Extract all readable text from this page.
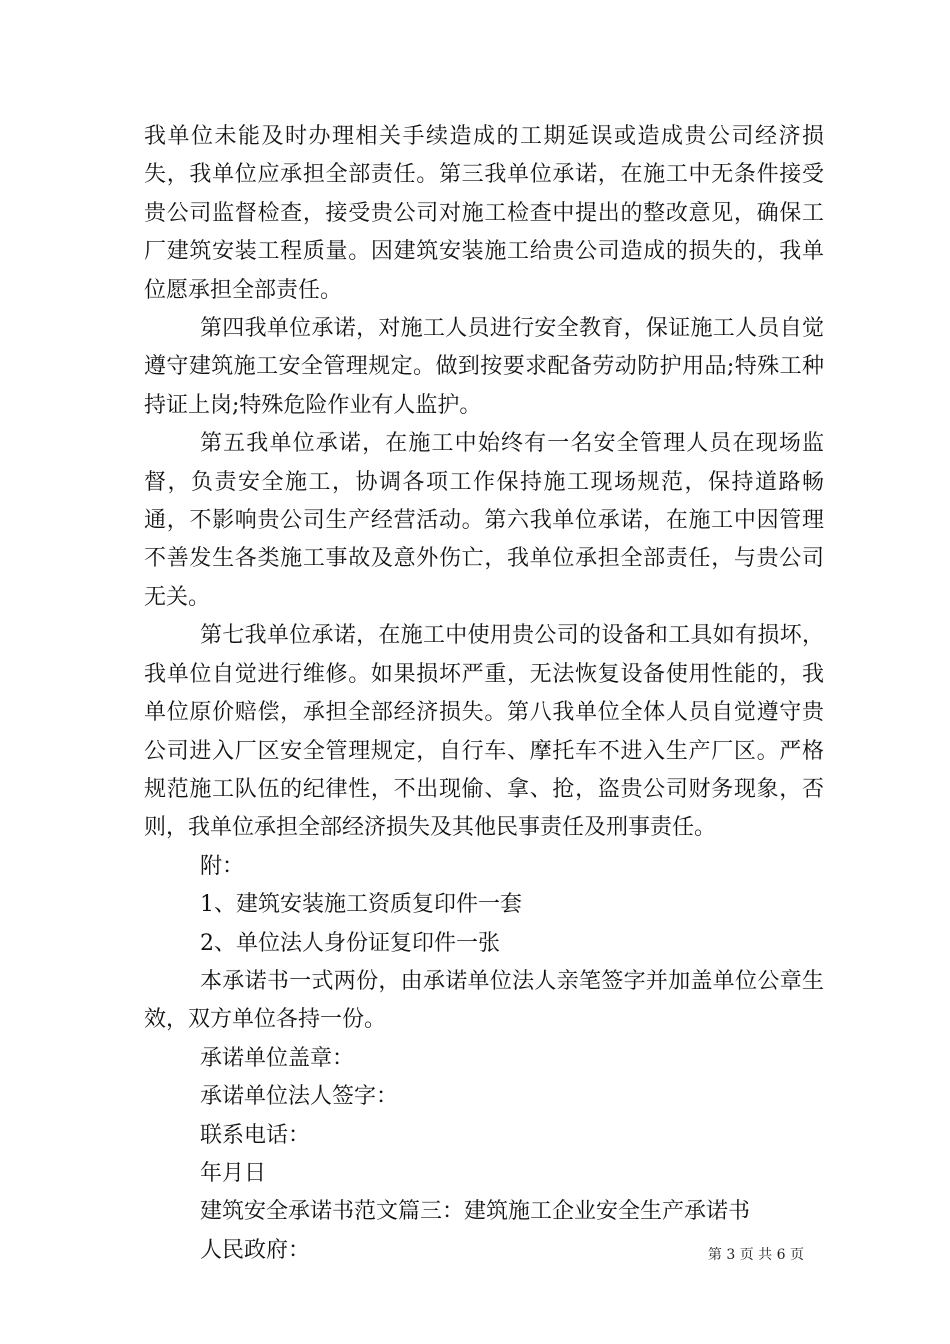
我单位未能及时办理相关手续造成的工期延误或造成贵公司经济损失，我单位应承担全部责任。第三我单位承诺，在施工中无条件接受贵公司监督检查，接受贵公司对施工检查中提出的整改意见，确保工厂建筑安装工程质量。因建筑安装施工给贵公司造成的损失的，我单位愿承担全部责任。

第四我单位承诺，对施工人员进行安全教育，保证施工人员自觉遵守建筑施工安全管理规定。做到按要求配备劳动防护用品;特殊工种持证上岗;特殊危险作业有人监护。

第五我单位承诺，在施工中始终有一名安全管理人员在现场监督，负责安全施工，协调各项工作保持施工现场规范，保持道路畅通，不影响贵公司生产经营活动。第六我单位承诺，在施工中因管理不善发生各类施工事故及意外伤亡，我单位承担全部责任，与贵公司无关。

第七我单位承诺，在施工中使用贵公司的设备和工具如有损坏，我单位自觉进行维修。如果损坏严重，无法恢复设备使用性能的，我单位原价赔偿，承担全部经济损失。第八我单位全体人员自觉遵守贵公司进入厂区安全管理规定，自行车、摩托车不进入生产厂区。严格规范施工队伍的纪律性，不出现偷、拿、抢，盗贵公司财务现象，否则，我单位承担全部经济损失及其他民事责任及刑事责任。

附：

1、建筑安装施工资质复印件一套

2、单位法人身份证复印件一张

本承诺书一式两份，由承诺单位法人亲笔签字并加盖单位公章生效，双方单位各持一份。

承诺单位盖章：

承诺单位法人签字：

联系电话：

年月日

建筑安全承诺书范文篇三：建筑施工企业安全生产承诺书

人民政府：	第 3 页 共 6 页
